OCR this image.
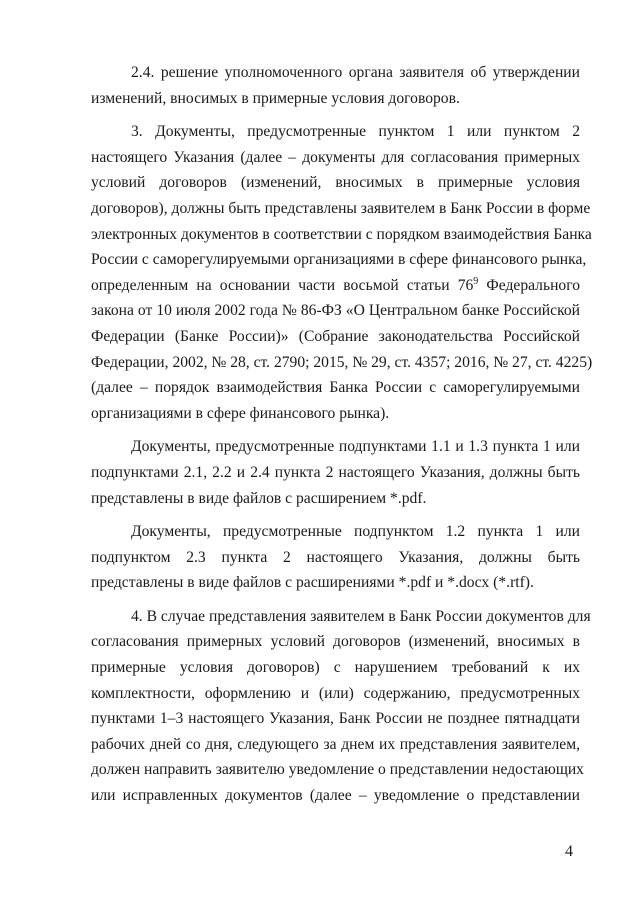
2.4. решение уполномоченного органа заявителя об утверждении
изменений, вносимых в примерные условия договоров.
3. Документы, предусмотренные пунктом 1 или пунктом 2
настоящего Указания (далее – документы для согласования примерных
условий договоров (изменений, вносимых в примерные условия
договоров), должны быть представлены заявителем в Банк России в форме
электронных документов в соответствии с порядком взаимодействия Банка
России с саморегулируемыми организациями в сфере финансового рынка,
определенным на основании части восьмой статьи 76$^9$ Федерального
закона от 10 июля 2002 года № 86-ФЗ «О Центральном банке Российской
Федерации (Банке России)» (Собрание законодательства Российской
Федерации, 2002, № 28, ст. 2790; 2015, № 29, ст. 4357; 2016, № 27, ст. 4225)
(далее – порядок взаимодействия Банка России с саморегулируемыми
организациями в сфере финансового рынка).
Документы, предусмотренные подпунктами 1.1 и 1.3 пункта 1 или
подпунктами 2.1, 2.2 и 2.4 пункта 2 настоящего Указания, должны быть
представлены в виде файлов с расширением *.pdf.
Документы, предусмотренные подпунктом 1.2 пункта 1 или
подпунктом 2.3 пункта 2 настоящего Указания, должны быть
представлены в виде файлов с расширениями *.pdf и *.docx (*.rtf).
4. В случае представления заявителем в Банк России документов для
согласования примерных условий договоров (изменений, вносимых в
примерные условия договоров) с нарушением требований к их
комплектности, оформлению и (или) содержанию, предусмотренных
пунктами 1–3 настоящего Указания, Банк России не позднее пятнадцати
рабочих дней со дня, следующего за днем их представления заявителем,
должен направить заявителю уведомление о представлении недостающих
или исправленных документов (далее – уведомление о представлении
4
